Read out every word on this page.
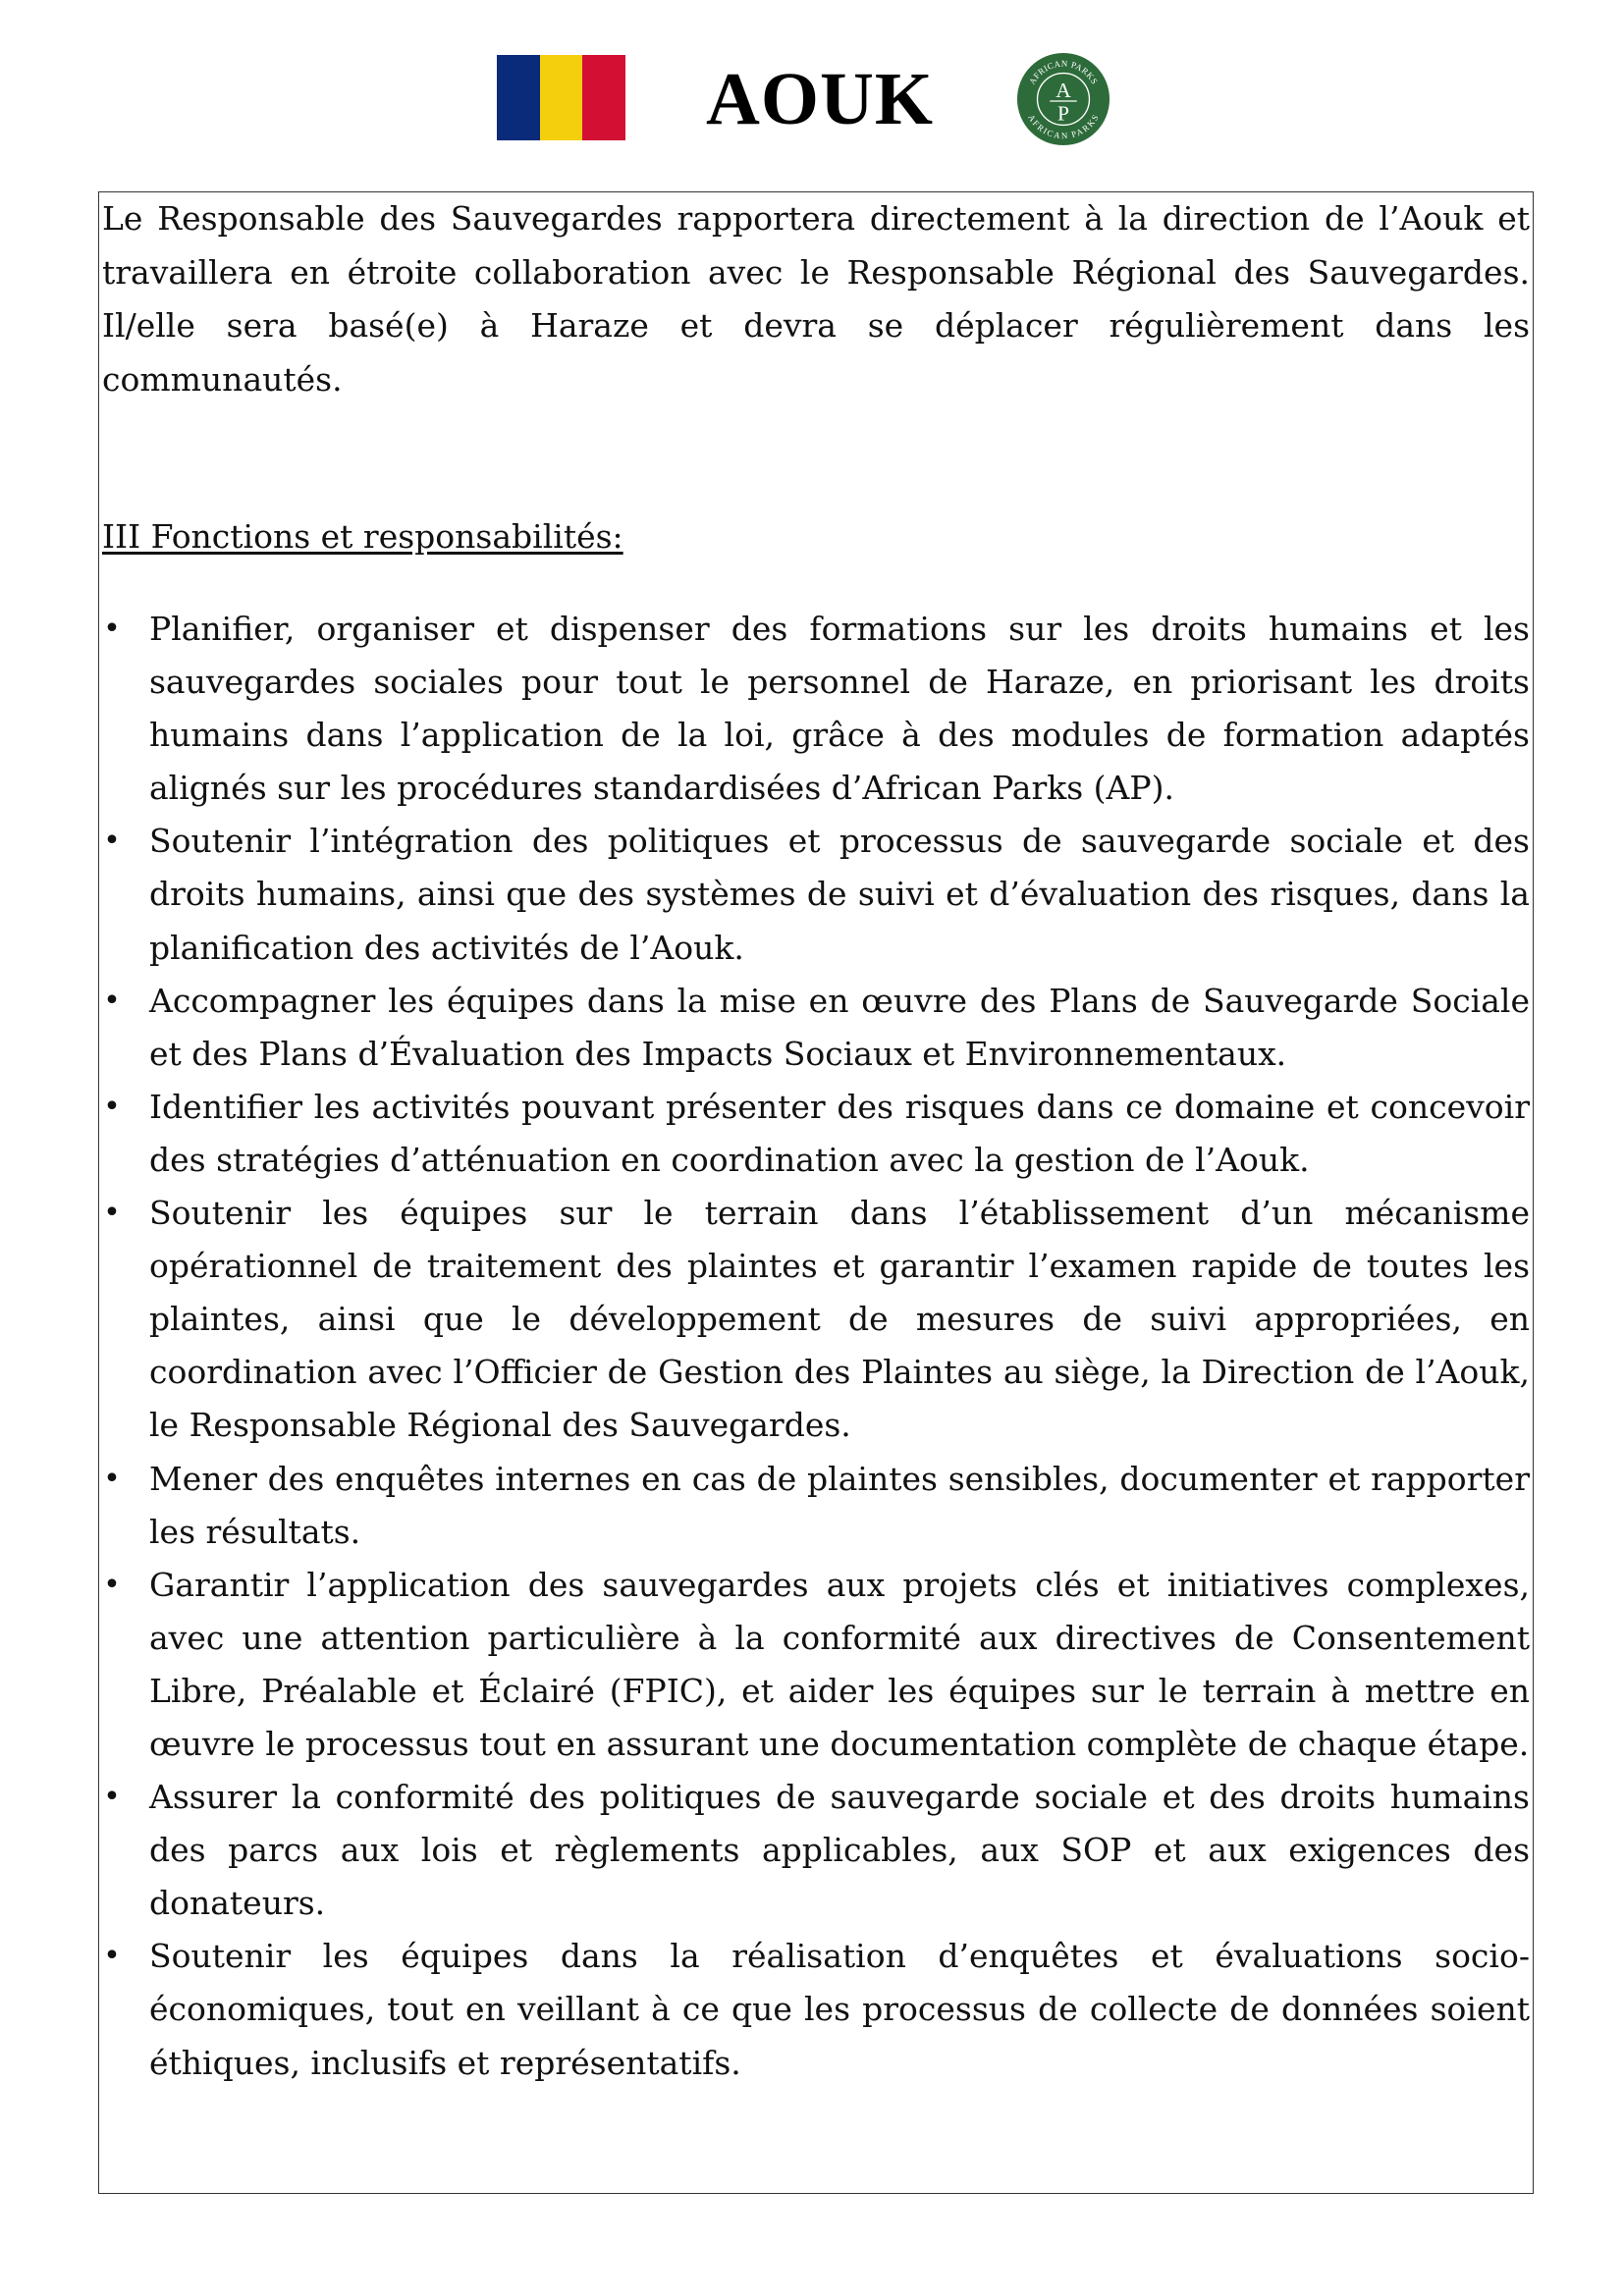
AOUK	AFRICAN PARKS
AFRICAN PARKS
A
P

Le Responsable des Sauvegardes rapportera directement à la direction de l’Aouk et travaillera en étroite collaboration avec le Responsable Régional des Sauvegardes. Il/elle sera basé(e) à Haraze et devra se déplacer régulièrement dans les communautés.

III Fonctions et responsabilités:
• Planifier, organiser et dispenser des formations sur les droits humains et les sauvegardes sociales pour tout le personnel de Haraze, en priorisant les droits humains dans l’application de la loi, grâce à des modules de formation adaptés alignés sur les procédures standardisées d’African Parks (AP).
• Soutenir l’intégration des politiques et processus de sauvegarde sociale et des droits humains, ainsi que des systèmes de suivi et d’évaluation des risques, dans la planification des activités de l’Aouk.
• Accompagner les équipes dans la mise en œuvre des Plans de Sauvegarde Sociale et des Plans d’Évaluation des Impacts Sociaux et Environnementaux.
• Identifier les activités pouvant présenter des risques dans ce domaine et concevoir des stratégies d’atténuation en coordination avec la gestion de l’Aouk.
• Soutenir les équipes sur le terrain dans l’établissement d’un mécanisme opérationnel de traitement des plaintes et garantir l’examen rapide de toutes les plaintes, ainsi que le développement de mesures de suivi appropriées, en coordination avec l’Officier de Gestion des Plaintes au siège, la Direction de l’Aouk, le Responsable Régional des Sauvegardes.
• Mener des enquêtes internes en cas de plaintes sensibles, documenter et rapporter les résultats.
• Garantir l’application des sauvegardes aux projets clés et initiatives complexes, avec une attention particulière à la conformité aux directives de Consentement Libre, Préalable et Éclairé (FPIC), et aider les équipes sur le terrain à mettre en œuvre le processus tout en assurant une documentation complète de chaque étape.
• Assurer la conformité des politiques de sauvegarde sociale et des droits humains des parcs aux lois et règlements applicables, aux SOP et aux exigences des donateurs.
• Soutenir les équipes dans la réalisation d’enquêtes et évaluations socio-économiques, tout en veillant à ce que les processus de collecte de données soient éthiques, inclusifs et représentatifs.
